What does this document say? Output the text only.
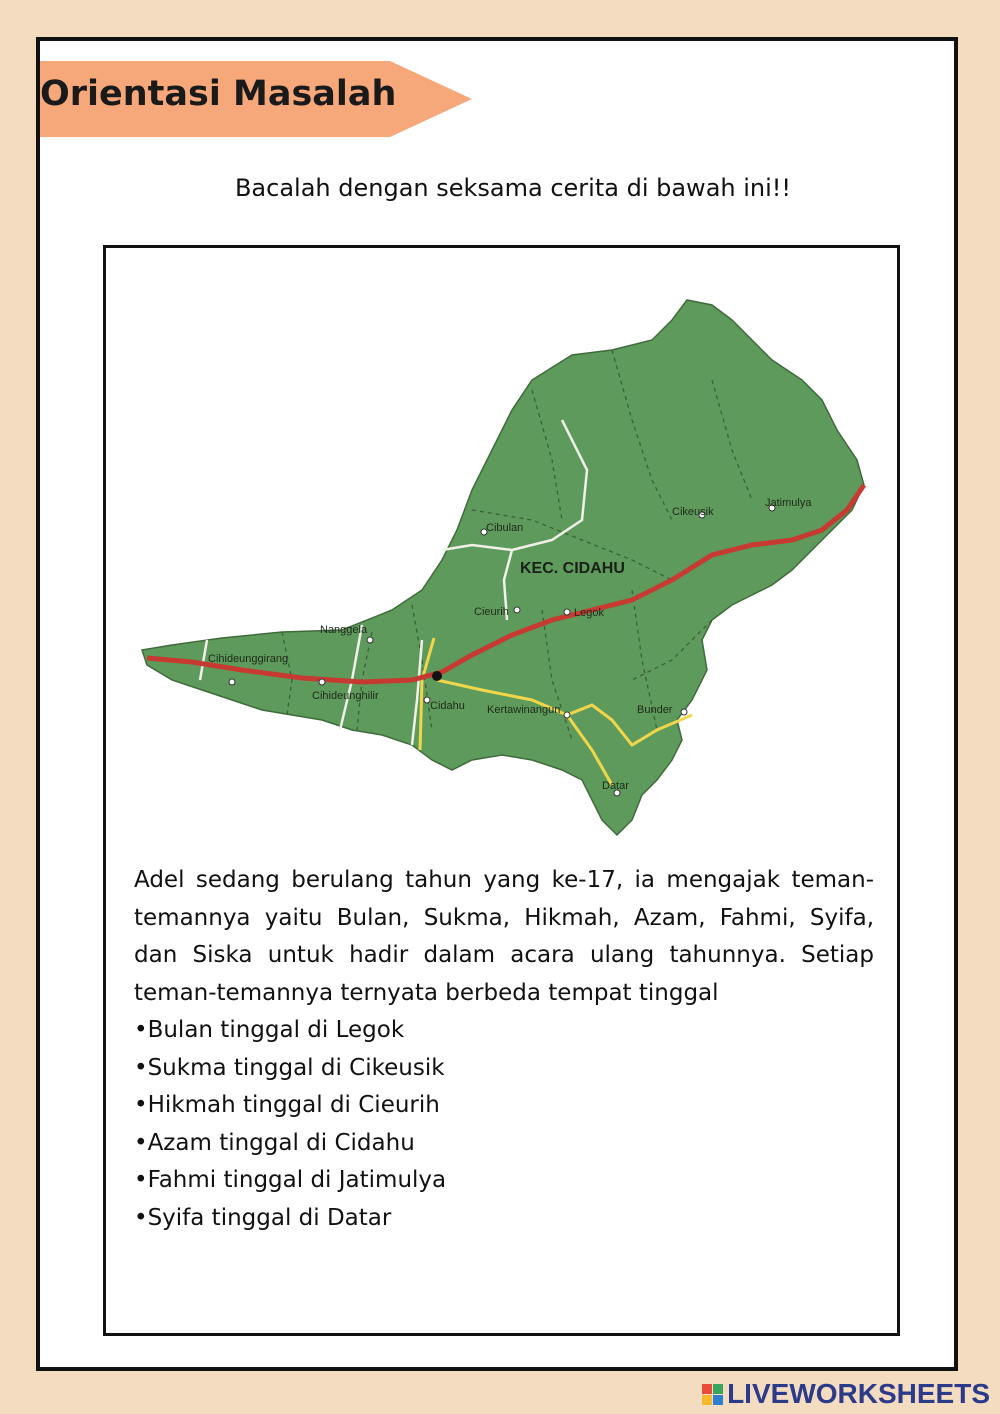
Orientasi Masalah
Bacalah dengan seksama cerita di bawah ini!!
KEC. CIDAHU
Cibulan
Cikeusik
Jatimulya
Nanggela
Cieurih	Legok
Cihideunggirang
Cihideunghilir
Cidahu Kertawinangun	Bunder
Datar

Adel sedang berulang tahun yang ke-17, ia mengajak teman-temannya yaitu Bulan, Sukma, Hikmah, Azam, Fahmi, Syifa, dan Siska untuk hadir dalam acara ulang tahunnya. Setiap teman-temannya ternyata berbeda tempat tinggal

• Bulan tinggal di Legok
• Sukma tinggal di Cikeusik
• Hikmah tinggal di Cieurih
• Azam tinggal di Cidahu
• Fahmi tinggal di Jatimulya
• Syifa tinggal di Datar
LIVEWORKSHEETS
